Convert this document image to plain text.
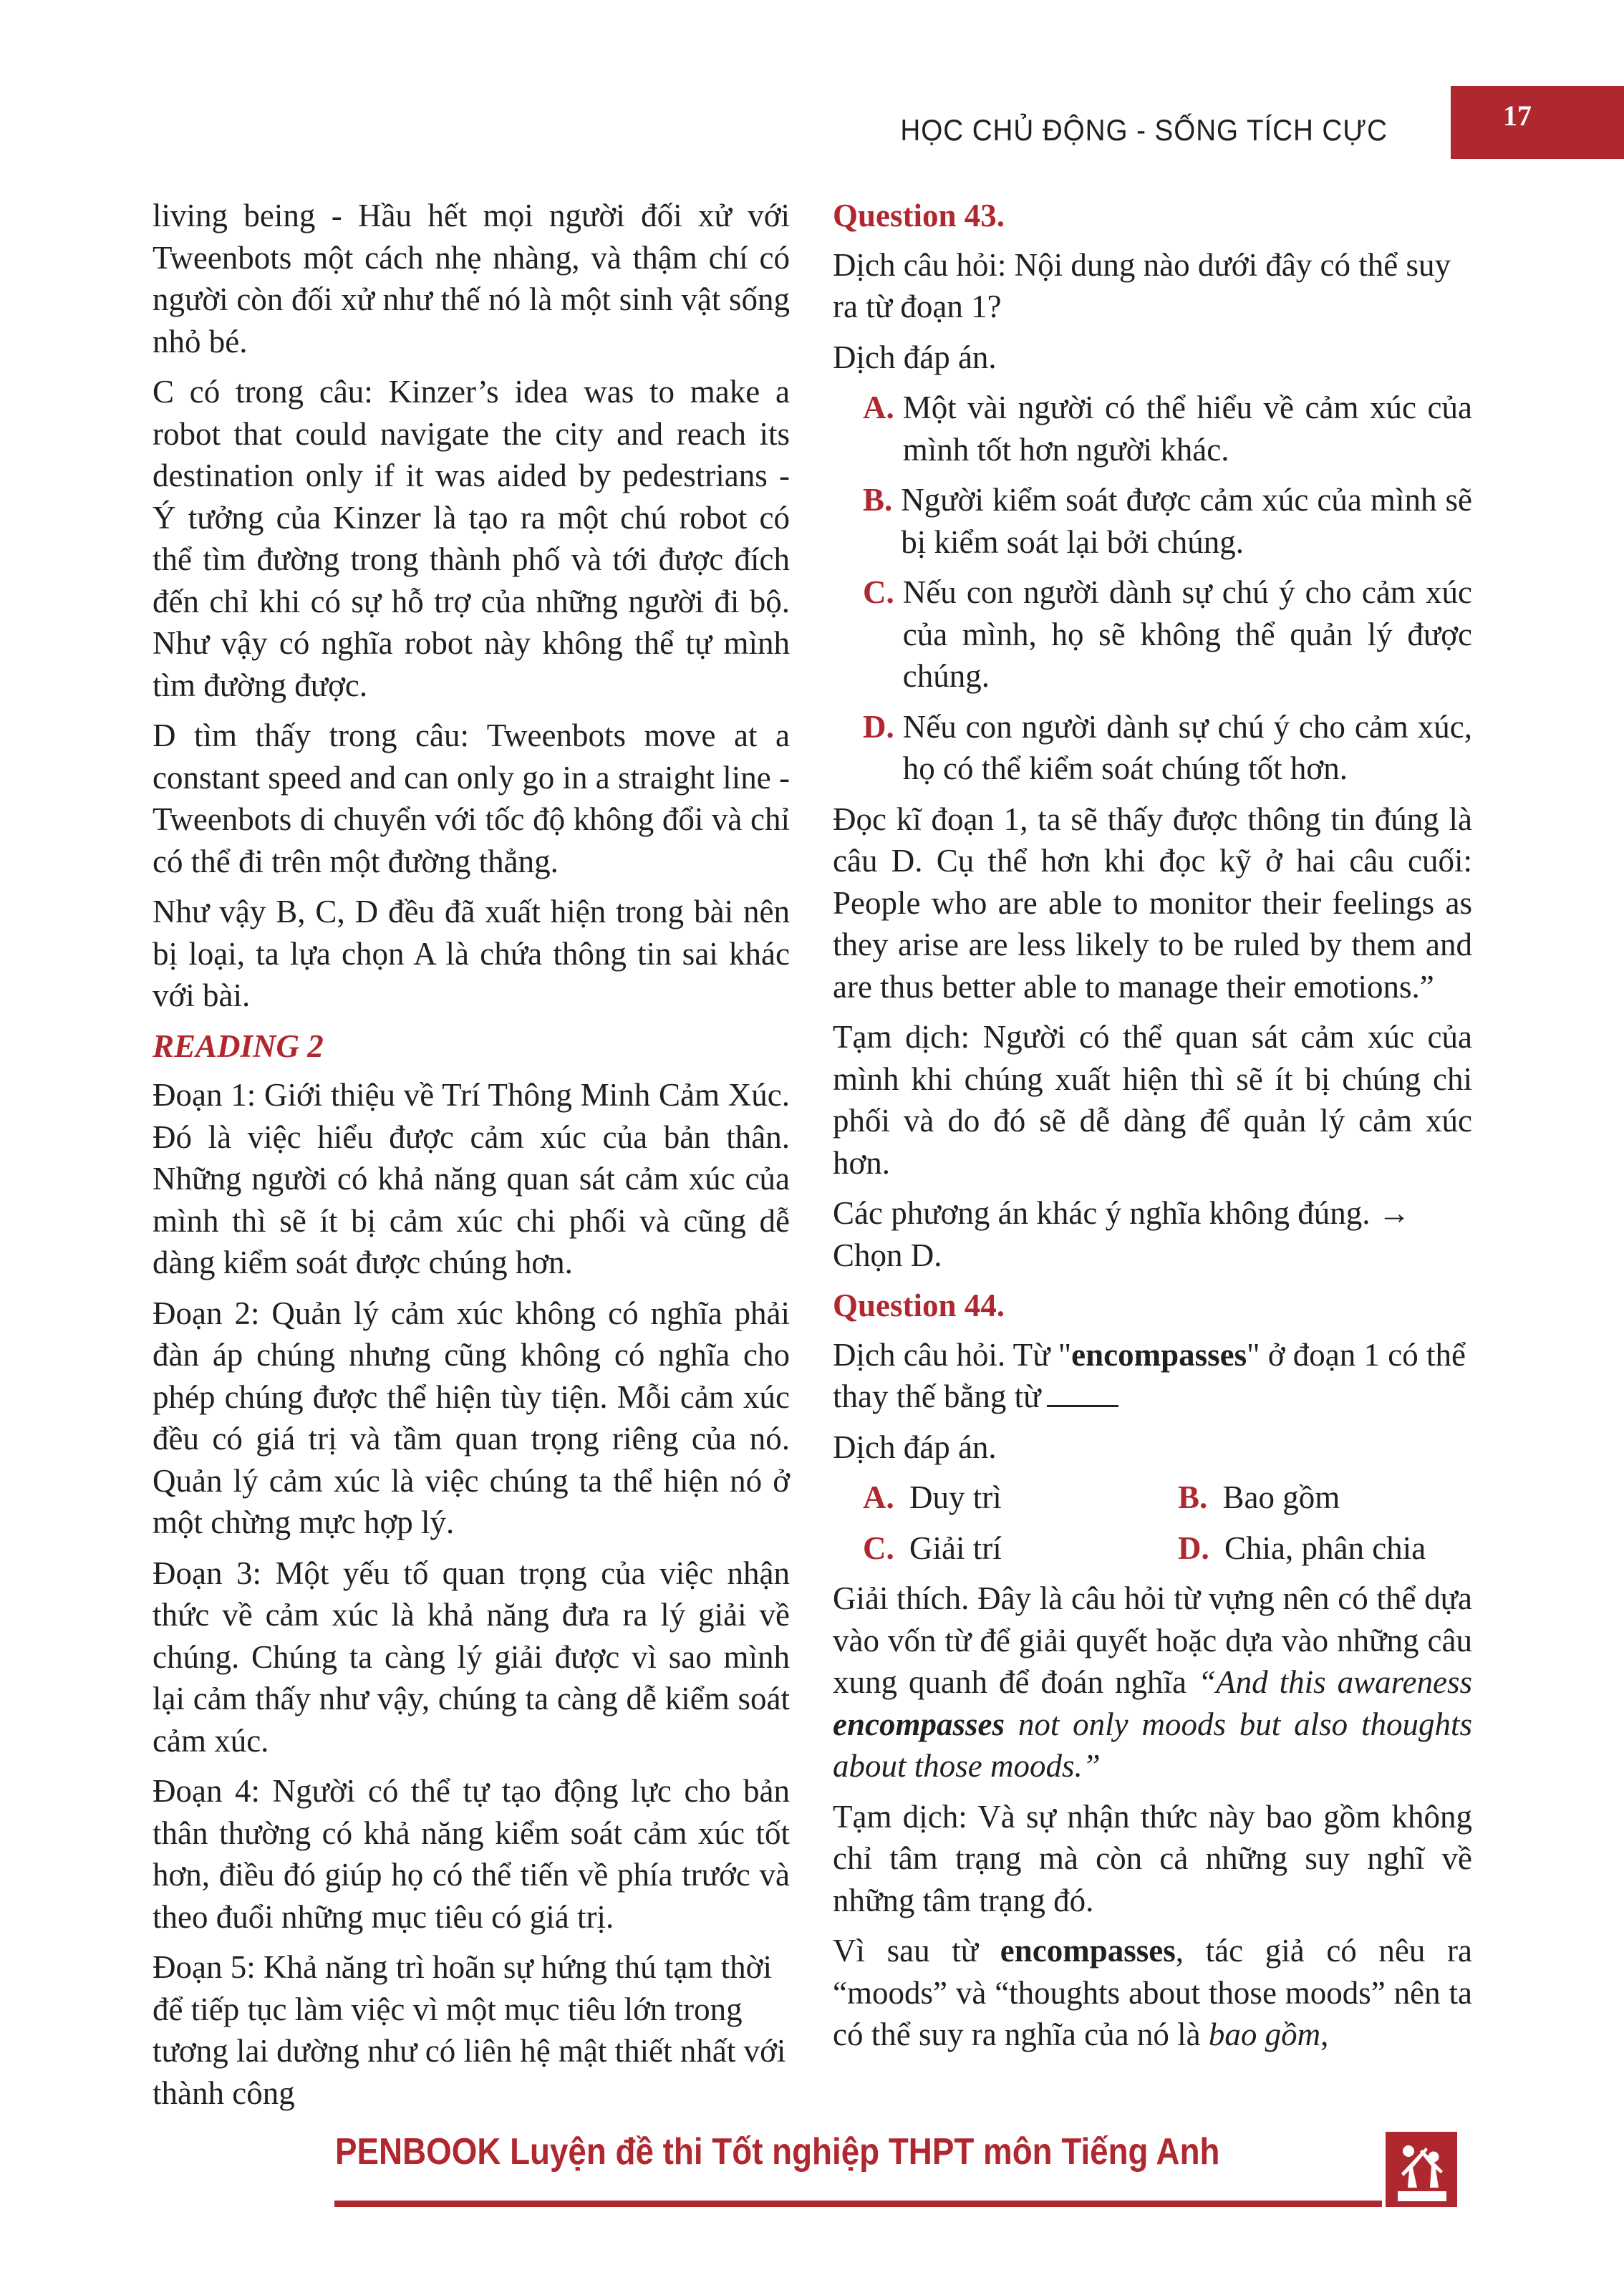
HỌC CHỦ ĐỘNG - SỐNG TÍCH CỰC	17

living being - Hầu hết mọi người đối xử với Tweenbots một cách nhẹ nhàng, và thậm chí có người còn đối xử như thế nó là một sinh vật sống nhỏ bé.

C có trong câu: Kinzer’s idea was to make a robot that could navigate the city and reach its destination only if it was aided by pedestrians - Ý tưởng của Kinzer là tạo ra một chú robot có thể tìm đường trong thành phố và tới được đích đến chỉ khi có sự hỗ trợ của những người đi bộ. Như vậy có nghĩa robot này không thể tự mình tìm đường được.

D tìm thấy trong câu: Tweenbots move at a constant speed and can only go in a straight line - Tweenbots di chuyển với tốc độ không đổi và chỉ có thể đi trên một đường thẳng.

Như vậy B, C, D đều đã xuất hiện trong bài nên bị loại, ta lựa chọn A là chứa thông tin sai khác với bài.

READING 2

Đoạn 1: Giới thiệu về Trí Thông Minh Cảm Xúc. Đó là việc hiểu được cảm xúc của bản thân. Những người có khả năng quan sát cảm xúc của mình thì sẽ ít bị cảm xúc chi phối và cũng dễ dàng kiểm soát được chúng hơn.

Đoạn 2: Quản lý cảm xúc không có nghĩa phải đàn áp chúng nhưng cũng không có nghĩa cho phép chúng được thể hiện tùy tiện. Mỗi cảm xúc đều có giá trị và tầm quan trọng riêng của nó. Quản lý cảm xúc là việc chúng ta thể hiện nó ở một chừng mực hợp lý.

Đoạn 3: Một yếu tố quan trọng của việc nhận thức về cảm xúc là khả năng đưa ra lý giải về chúng. Chúng ta càng lý giải được vì sao mình lại cảm thấy như vậy, chúng ta càng dễ kiểm soát cảm xúc.

Đoạn 4: Người có thể tự tạo động lực cho bản thân thường có khả năng kiểm soát cảm xúc tốt hơn, điều đó giúp họ có thể tiến về phía trước và theo đuổi những mục tiêu có giá trị.

Đoạn 5: Khả năng trì hoãn sự hứng thú tạm thời để tiếp tục làm việc vì một mục tiêu lớn trong tương lai dường như có liên hệ mật thiết nhất với thành công

Question 43.

Dịch câu hỏi: Nội dung nào dưới đây có thể suy ra từ đoạn 1?

Dịch đáp án.

A. Một vài người có thể hiểu về cảm xúc của mình tốt hơn người khác.
B. Người kiểm soát được cảm xúc của mình sẽ bị kiểm soát lại bởi chúng.
C. Nếu con người dành sự chú ý cho cảm xúc của mình, họ sẽ không thể quản lý được chúng.
D. Nếu con người dành sự chú ý cho cảm xúc, họ có thể kiểm soát chúng tốt hơn.

Đọc kĩ đoạn 1, ta sẽ thấy được thông tin đúng là câu D. Cụ thể hơn khi đọc kỹ ở hai câu cuối: People who are able to monitor their feelings as they arise are less likely to be ruled by them and are thus better able to manage their emotions.”

Tạm dịch: Người có thể quan sát cảm xúc của mình khi chúng xuất hiện thì sẽ ít bị chúng chi phối và do đó sẽ dễ dàng để quản lý cảm xúc hơn.

Các phương án khác ý nghĩa không đúng. → Chọn D.

Question 44.

Dịch câu hỏi. Từ "encompasses" ở đoạn 1 có thể thay thế bằng từ

Dịch đáp án.

A. Duy trì	B. Bao gồm
C. Giải trí	D. Chia, phân chia

Giải thích. Đây là câu hỏi từ vựng nên có thể dựa vào vốn từ để giải quyết hoặc dựa vào những câu xung quanh để đoán nghĩa “And this awareness encompasses not only moods but also thoughts about those moods.”

Tạm dịch: Và sự nhận thức này bao gồm không chỉ tâm trạng mà còn cả những suy nghĩ về những tâm trạng đó.

Vì sau từ encompasses, tác giả có nêu ra “moods” và “thoughts about those moods” nên ta có thể suy ra nghĩa của nó là bao gồm,

PENBOOK Luyện đề thi Tốt nghiệp THPT môn Tiếng Anh
